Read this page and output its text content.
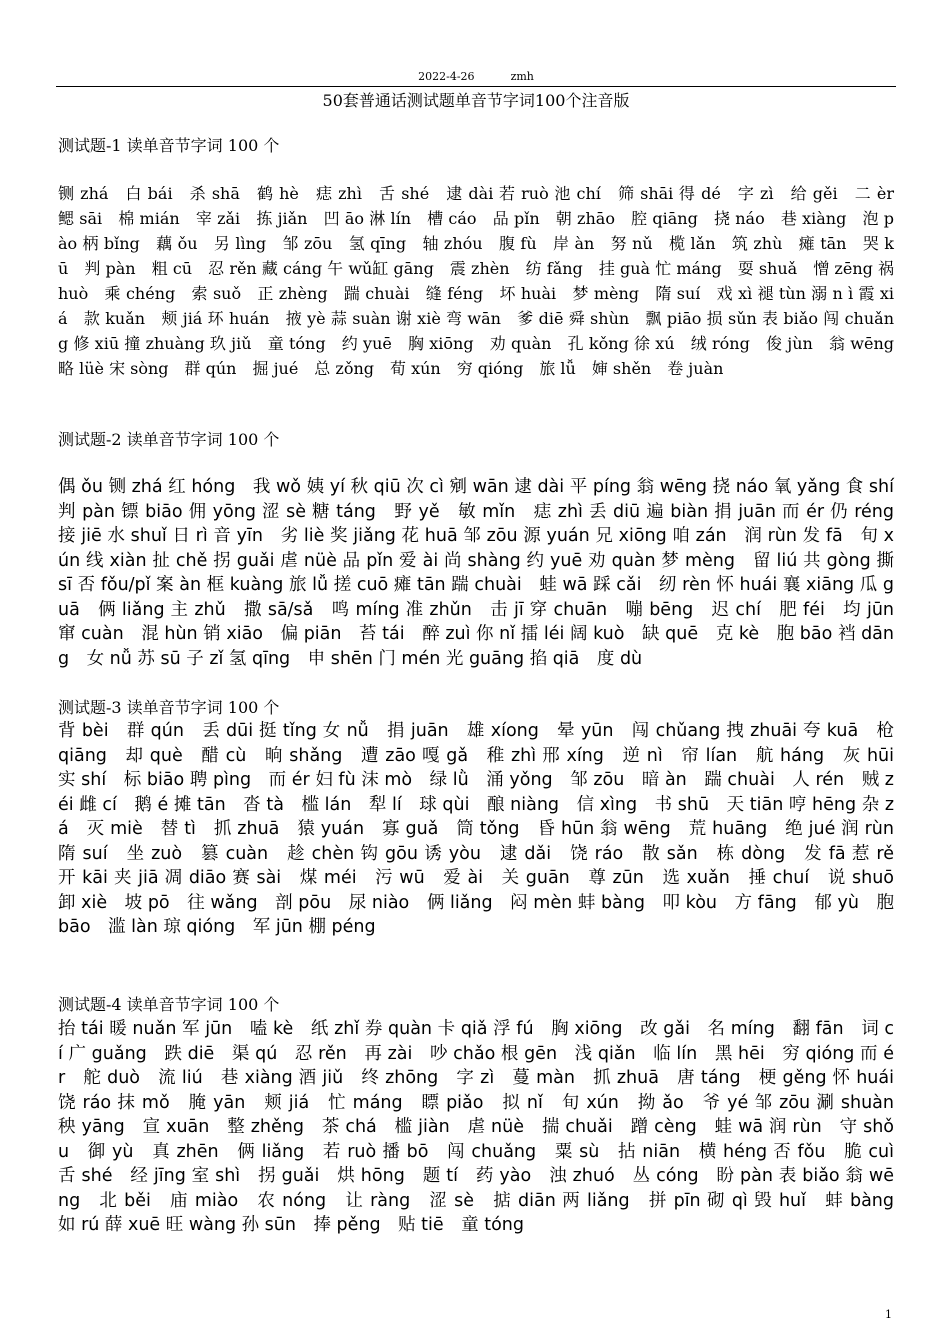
2022-4-26	zmh
50套普通话测试题单音节字词100个注音版
测试题-1 读单音节字词 100 个
铡 zhá　白 bái　杀 shā　鹤 hè　痣 zhì　舌 shé　逮 dài 若 ruò 池 chí　筛 shāi 得 dé　字 zì　给 gěi　二 èr　鳃 sāi　棉 mián　宰 zǎi　拣 jiǎn　凹 āo 淋 lín　槽 cáo　品 pǐn　朝 zhāo　腔 qiāng　挠 náo　巷 xiàng　泡 pào 柄 bǐng　藕 ǒu　另 lìng　邹 zōu　氢 qīng　轴 zhóu　腹 fù　岸 àn　努 nǔ　榄 lǎn　筑 zhù　瘫 tān　哭 kū　判 pàn　粗 cū　忍 rěn 藏 cáng 午 wǔ缸 gāng　震 zhèn　纺 fǎng　挂 guà 忙 máng　耍 shuǎ　憎 zēng 祸 huò　乘 chéng　索 suǒ　正 zhèng　踹 chuài　缝 féng　坏 huài　梦 mèng　隋 suí　戏 xì 褪 tùn 溺 n ì 霞 xiá　款 kuǎn　颊 jiá 环 huán　掖 yè 蒜 suàn 谢 xiè 弯 wān　爹 diē 舜 shùn　飘 piāo 损 sǔn 表 biǎo 闯 chuǎng 修 xiū 撞 zhuàng 玖 jiǔ　童 tóng　约 yuē　胸 xiōng　劝 quàn　孔 kǒng 徐 xú　绒 róng　俊 jùn　翁 wēng　略 lüè 宋 sòng　群 qún　掘 jué　总 zǒng　荀 xún　穷 qióng　旅 lǚ　婶 shěn　卷 juàn
测试题-2 读单音节字词 100 个
偶 ǒu 铡 zhá 红 hóng　我 wǒ 姨 yí 秋 qiū 次 cì 剜 wān 逮 dài 平 píng 翁 wēng 挠 náo 氧 yǎng 食 shí 判 pàn 镖 biāo 佣 yōng 涩 sè 糖 táng　野 yě　敏 mǐn　痣 zhì 丢 diū 遍 biàn 捐 juān 而 ér 仍 réng 接 jiē 水 shuǐ 日 rì 音 yīn　劣 liè 奖 jiǎng 花 huā 邹 zōu 源 yuán 兄 xiōng 咱 zán　润 rùn 发 fā　旬 xún 线 xiàn 扯 chě 拐 guǎi 虐 nüè 品 pǐn 爱 ài 尚 shàng 约 yuē 劝 quàn 梦 mèng　留 liú 共 gòng 撕 sī 否 fǒu/pǐ 案 àn 框 kuàng 旅 lǚ 搓 cuō 瘫 tān 踹 chuài　蛙 wā 踩 cǎi　纫 rèn 怀 huái 襄 xiāng 瓜 guā　俩 liǎng 主 zhǔ　撒 sā/sǎ　鸣 míng 准 zhǔn　击 jī 穿 chuān　嘣 bēng　迟 chí　肥 féi　均 jūn　窜 cuàn　混 hùn 销 xiāo　偏 piān　苔 tái　醉 zuì 你 nǐ 擂 léi 阔 kuò　缺 quē　克 kè　胞 bāo 裆 dāng　女 nǚ 苏 sū 子 zǐ 氢 qīng　申 shēn 门 mén 光 guāng 掐 qiā　度 dù
测试题-3 读单音节字词 100 个
背 bèi　群 qún　丢 dūi 挺 tǐng 女 nǚ　捐 juān　雄 xíong　晕 yūn　闯 chǔang 拽 zhuāi 夸 kuā　枪 qiāng　却 què　醋 cù　晌 shǎng　遭 zāo 嘎 gǎ　稚 zhì 邢 xíng　逆 nì　帘 lían　航 háng　灰 hūi　实 shí　标 biāo 聘 pìng　而 ér 妇 fù 沫 mò　绿 lǜ　涌 yǒng　邹 zōu　暗 àn　踹 chuài　人 rén　贼 zéi 雌 cí　鹅 é 摊 tān　沓 tà　槛 lán　犁 lí　球 qùi　酿 niàng　信 xìng　书 shū　天 tiān 哼 hēng 杂 zá　灭 miè　替 tì　抓 zhuā　猿 yuán　寡 guǎ　筒 tǒng　昏 hūn 翁 wēng　荒 huāng　绝 jué 润 rùn　隋 suí　坐 zuò　篡 cuàn　趁 chèn 钩 gōu 诱 yòu　逮 dǎi　饶 ráo　散 sǎn　栋 dòng　发 fā 惹 rě　开 kāi 夹 jiā 凋 diāo 赛 sài　煤 méi　污 wū　爱 ài　关 guān　尊 zūn　选 xuǎn　捶 chuí　说 shuō　卸 xiè　坡 pō　往 wǎng　剖 pōu　尿 niào　俩 liǎng　闷 mèn 蚌 bàng　叩 kòu　方 fāng　郁 yù　胞 bāo　滥 làn 琼 qióng　军 jūn 棚 péng
测试题-4 读单音节字词 100 个
抬 tái 暖 nuǎn 军 jūn　嗑 kè　纸 zhǐ 券 quàn 卡 qiǎ 浮 fú　胸 xiōng　改 gǎi　名 míng　翻 fān　词 cí 广 guǎng　跌 diē　渠 qú　忍 rěn　再 zài　吵 chǎo 根 gēn　浅 qiǎn　临 lín　黑 hēi　穷 qióng 而 ér　舵 duò　流 liú　巷 xiàng 酒 jiǔ　终 zhōng　字 zì　蔓 màn　抓 zhuā　唐 táng　梗 gěng 怀 huái　饶 ráo 抹 mǒ　腌 yān　颊 jiá　忙 máng　瞟 piǎo　拟 nǐ　旬 xún　拗 ǎo　爷 yé 邹 zōu 涮 shuàn　秧 yāng　宣 xuān　整 zhěng　茶 chá　槛 jiàn　虐 nüè　揣 chuǎi　蹭 cèng　蛙 wā 润 rùn　守 shǒu　御 yù　真 zhēn　俩 liǎng　若 ruò 播 bō　闯 chuǎng　粟 sù　拈 niān　横 héng 否 fǒu　脆 cuì　舌 shé　经 jīng 室 shì　拐 guǎi　烘 hōng　题 tí　药 yào　浊 zhuó　丛 cóng　盼 pàn 表 biǎo 翁 wēng　北 běi　庙 miào　农 nóng　让 ràng　涩 sè　掂 diān 两 liǎng　拼 pīn 砌 qì 毁 huǐ　蚌 bàng　如 rú 薛 xuē 旺 wàng 孙 sūn　捧 pěng　贴 tiē　童 tóng
1
